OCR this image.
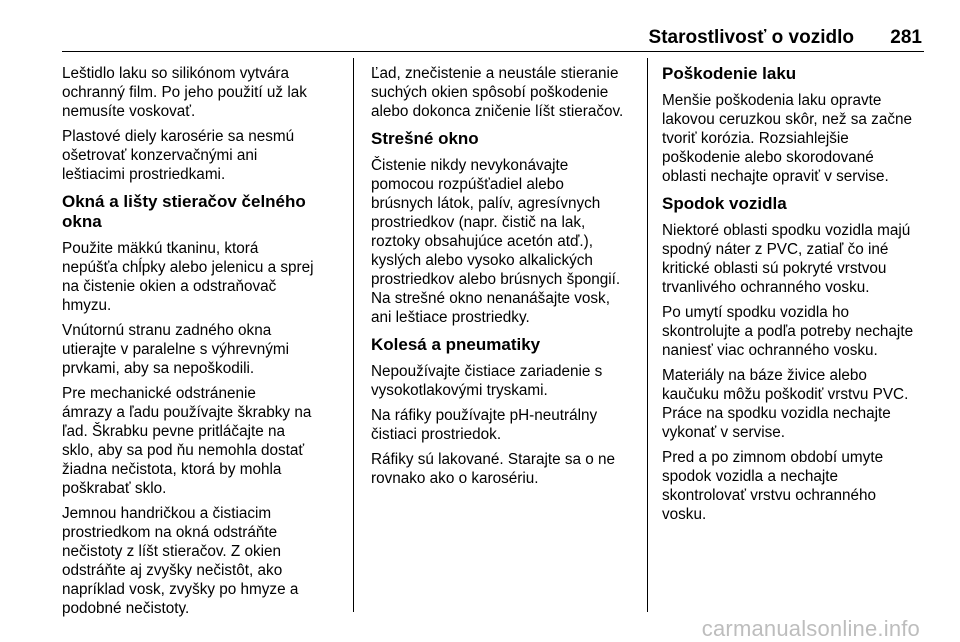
Starostlivosť o vozidlo 281

Leštidlo laku so silikónom vytvára
ochranný film. Po jeho použití už lak
nemusíte voskovať.

Plastové diely karosérie sa nesmú
ošetrovať konzervačnými ani
leštiacimi prostriedkami.

Okná a lišty stieračov čelného
okna

Použite mäkkú tkaninu, ktorá
nepúšťa chĺpky alebo jelenicu a sprej
na čistenie okien a odstraňovač
hmyzu.

Vnútornú stranu zadného okna
utierajte v paralelne s výhrevnými
prvkami, aby sa nepoškodili.

Pre mechanické odstránenie
ámrazy a ľadu používajte škrabky na
ľad. Škrabku pevne pritláčajte na
sklo, aby sa pod ňu nemohla dostať
žiadna nečistota, ktorá by mohla
poškrabať sklo.

Jemnou handričkou a čistiacim
prostriedkom na okná odstráňte
nečistoty z líšt stieračov. Z okien
odstráňte aj zvyšky nečistôt, ako
napríklad vosk, zvyšky po hmyze a
podobné nečistoty.

Ľad, znečistenie a neustále stieranie
suchých okien spôsobí poškodenie
alebo dokonca zničenie líšt stieračov.

Strešné okno

Čistenie nikdy nevykonávajte
pomocou rozpúšťadiel alebo
brúsnych látok, palív, agresívnych
prostriedkov (napr. čistič na lak,
roztoky obsahujúce acetón atď.),
kyslých alebo vysoko alkalických
prostriedkov alebo brúsnych špongií.
Na strešné okno nenanášajte vosk,
ani leštiace prostriedky.

Kolesá a pneumatiky

Nepoužívajte čistiace zariadenie s
vysokotlakovými tryskami.

Na ráfiky používajte pH-neutrálny
čistiaci prostriedok.

Ráfiky sú lakované. Starajte sa o ne
rovnako ako o karosériu.

Poškodenie laku

Menšie poškodenia laku opravte
lakovou ceruzkou skôr, než sa začne
tvoriť korózia. Rozsiahlejšie
poškodenie alebo skorodované
oblasti nechajte opraviť v servise.

Spodok vozidla

Niektoré oblasti spodku vozidla majú
spodný náter z PVC, zatiaľ čo iné
kritické oblasti sú pokryté vrstvou
trvanlivého ochranného vosku.

Po umytí spodku vozidla ho
skontrolujte a podľa potreby nechajte
naniesť viac ochranného vosku.

Materiály na báze živice alebo
kaučuku môžu poškodiť vrstvu PVC.
Práce na spodku vozidla nechajte
vykonať v servise.

Pred a po zimnom období umyte
spodok vozidla a nechajte
skontrolovať vrstvu ochranného
vosku.

carmanualsonline.info
